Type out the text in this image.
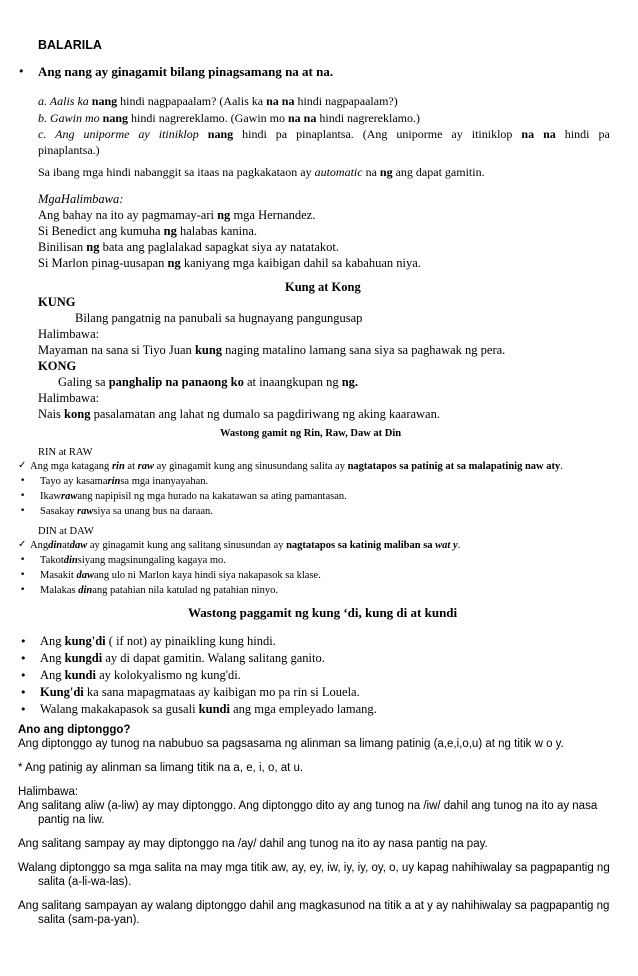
BALARILA
• Ang nang ay ginagamit bilang pinagsamang na at na.
a. Aalis ka nang hindi nagpapaalam? (Aalis ka na na hindi nagpapaalam?)
b. Gawin mo nang hindi nagrereklamo. (Gawin mo na na hindi nagrereklamo.)
c. Ang uniporme ay itiniklop nang hindi pa pinaplantsa. (Ang uniporme ay itiniklop na na hindi pa
pinaplantsa.)
Sa ibang mga hindi nabanggit sa itaas na pagkakataon ay automatic na ng ang dapat gamitin.
MgaHalimbawa:
Ang bahay na ito ay pagmamay-ari ng mga Hernandez.
Si Benedict ang kumuha ng halabas kanina.
Binilisan ng bata ang paglalakad sapagkat siya ay natatakot.
Si Marlon pinag-uusapan ng kaniyang mga kaibigan dahil sa kabahuan niya.
Kung at Kong
KUNG
Bilang pangatnig na panubali sa hugnayang pangungusap
Halimbawa:
Mayaman na sana si Tiyo Juan kung naging matalino lamang sana siya sa paghawak ng pera.
KONG
Galing sa panghalip na panaong ko at inaangkupan ng ng.
Halimbawa:
Nais kong pasalamatan ang lahat ng dumalo sa pagdiriwang ng aking kaarawan.
Wastong gamit ng Rin, Raw, Daw at Din
RIN at RAW
✓ Ang mga katagang rin at raw ay ginagamit kung ang sinusundang salita ay nagtatapos sa patinig at sa malapatinig naw aty.
• Tayo ay kasamarinsa mga inanyayahan.
• Ikawrawang napipisil ng mga hurado na kakatawan sa ating pamantasan.
• Sasakay rawsiya sa unang bus na daraan.
DIN at DAW
✓ Angdinatdaw ay ginagamit kung ang salitang sinusundan ay nagtatapos sa katinig maliban sa wat y.
• Takotdinsiyang magsinungaling kagaya mo.
• Masakit dawang ulo ni Marlon kaya hindi siya nakapasok sa klase.
• Malakas dinang patahian nila katulad ng patahian ninyo.
Wastong paggamit ng kung ‘di, kung di at kundi
• Ang kung'di ( if not) ay pinaikling kung hindi.
• Ang kungdi ay di dapat gamitin. Walang salitang ganito.
• Ang kundi ay kolokyalismo ng kung'di.
• Kung'di ka sana mapagmataas ay kaibigan mo pa rin si Louela.
• Walang makakapasok sa gusali kundi ang mga empleyado lamang.
Ano ang diptonggo?
Ang diptonggo ay tunog na nabubuo sa pagsasama ng alinman sa limang patinig (a,e,i,o,u) at ng titik w o y.
* Ang patinig ay alinman sa limang titik na a, e, i, o, at u.
Halimbawa:
Ang salitang aliw (a-liw) ay may diptonggo. Ang diptonggo dito ay ang tunog na /iw/ dahil ang tunog na ito ay nasa
pantig na liw.
Ang salitang sampay ay may diptonggo na /ay/ dahil ang tunog na ito ay nasa pantig na pay.
Walang diptonggo sa mga salita na may mga titik aw, ay, ey, iw, iy, iy, oy, o, uy kapag nahihiwalay sa pagpapantig ng
salita (a-li-wa-las).
Ang salitang sampayan ay walang diptonggo dahil ang magkasunod na titik a at y ay nahihiwalay sa pagpapantig ng
salita (sam-pa-yan).
